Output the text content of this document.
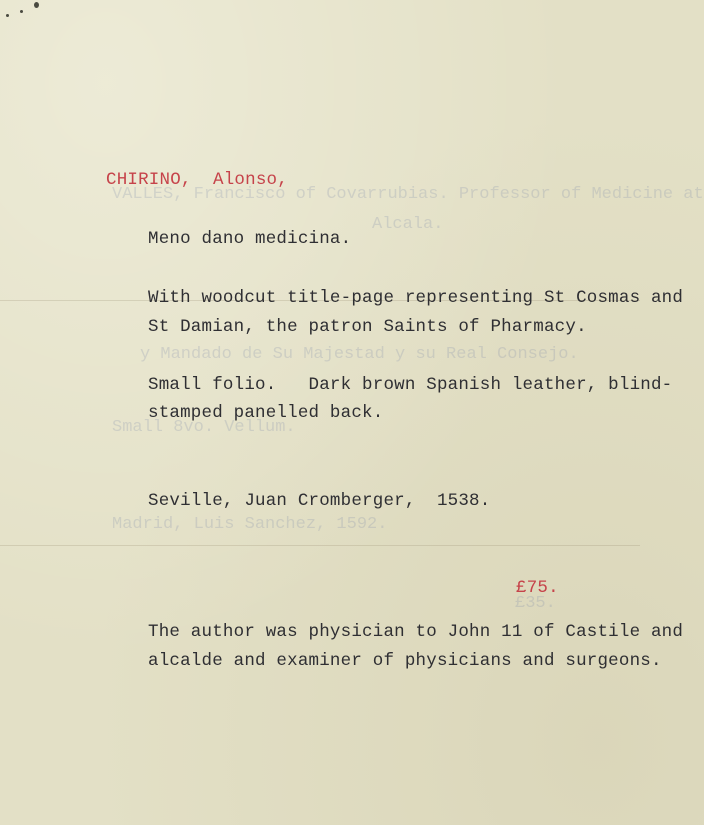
VALLES, Francisco of Covarrubias. Professor of Medicine at

Alcala.

y Mandado de Su Majestad y su Real Consejo.

Small 8vo. Vellum.

Madrid, Luis Sanchez, 1592.

£35.

CHIRINO,  Alonso,

Meno dano medicina.

With woodcut title-page representing St Cosmas and

St Damian, the patron Saints of Pharmacy.

Small folio.   Dark brown Spanish leather, blind-

stamped panelled back.

Seville, Juan Cromberger,  1538.

£75.

The author was physician to John 11 of Castile and

alcalde and examiner of physicians and surgeons.
